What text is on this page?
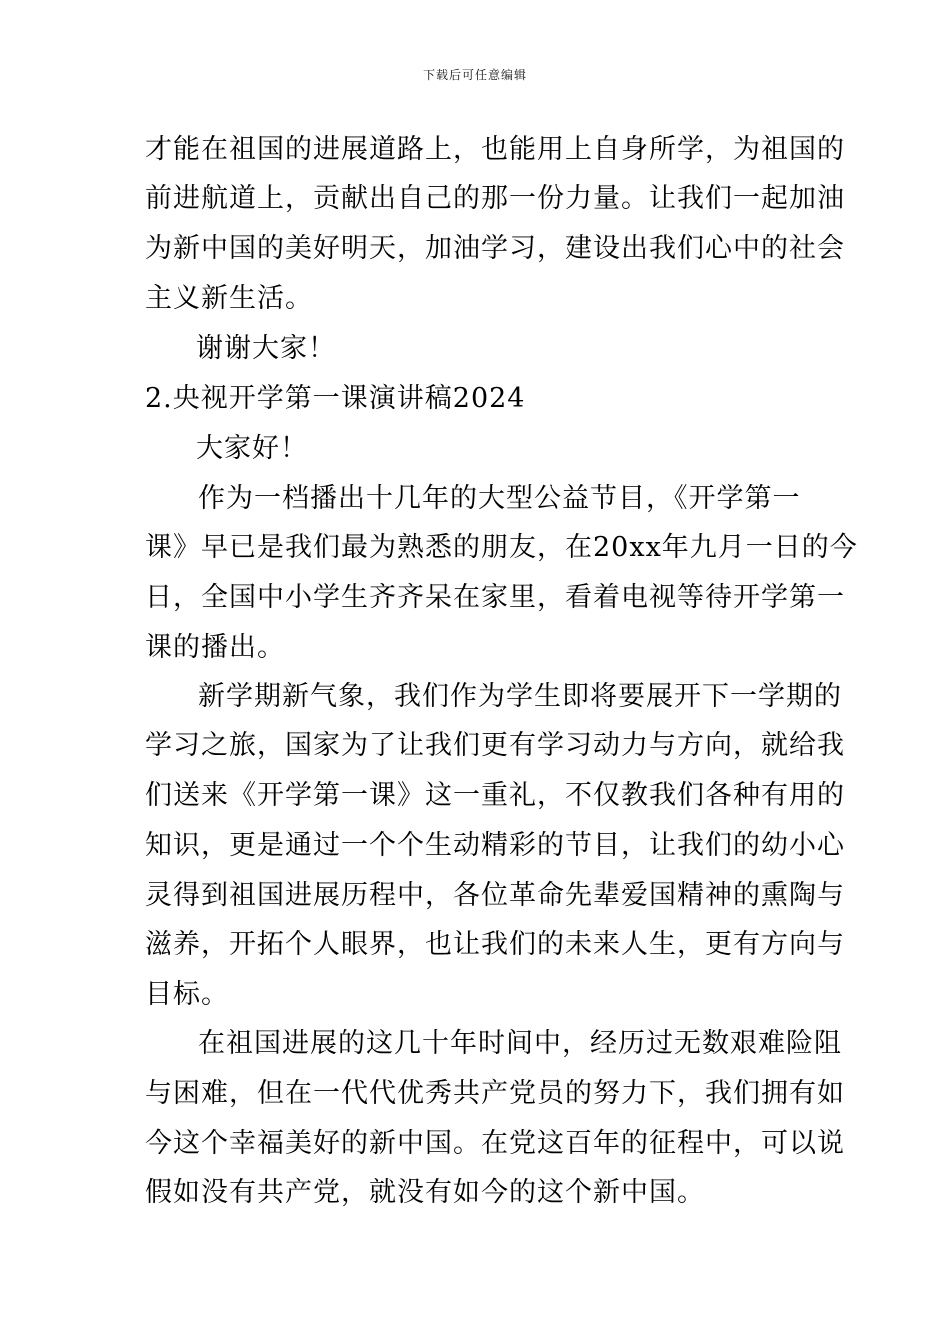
下载后可任意编辑
才能在祖国的进展道路上，也能用上自身所学，为祖国的
前进航道上，贡献出自己的那一份力量。让我们一起加油
为新中国的美好明天，加油学习，建设出我们心中的社会
主义新生活。
谢谢大家！
2.央视开学第一课演讲稿2024
大家好！
作为一档播出十几年的大型公益节目，《开学第一
课》早已是我们最为熟悉的朋友，在20xx年九月一日的今
日，全国中小学生齐齐呆在家里，看着电视等待开学第一
课的播出。
新学期新气象，我们作为学生即将要展开下一学期的
学习之旅，国家为了让我们更有学习动力与方向，就给我
们送来《开学第一课》这一重礼，不仅教我们各种有用的
知识，更是通过一个个生动精彩的节目，让我们的幼小心
灵得到祖国进展历程中，各位革命先辈爱国精神的熏陶与
滋养，开拓个人眼界，也让我们的未来人生，更有方向与
目标。
在祖国进展的这几十年时间中，经历过无数艰难险阻
与困难，但在一代代优秀共产党员的努力下，我们拥有如
今这个幸福美好的新中国。在党这百年的征程中，可以说
假如没有共产党，就没有如今的这个新中国。
